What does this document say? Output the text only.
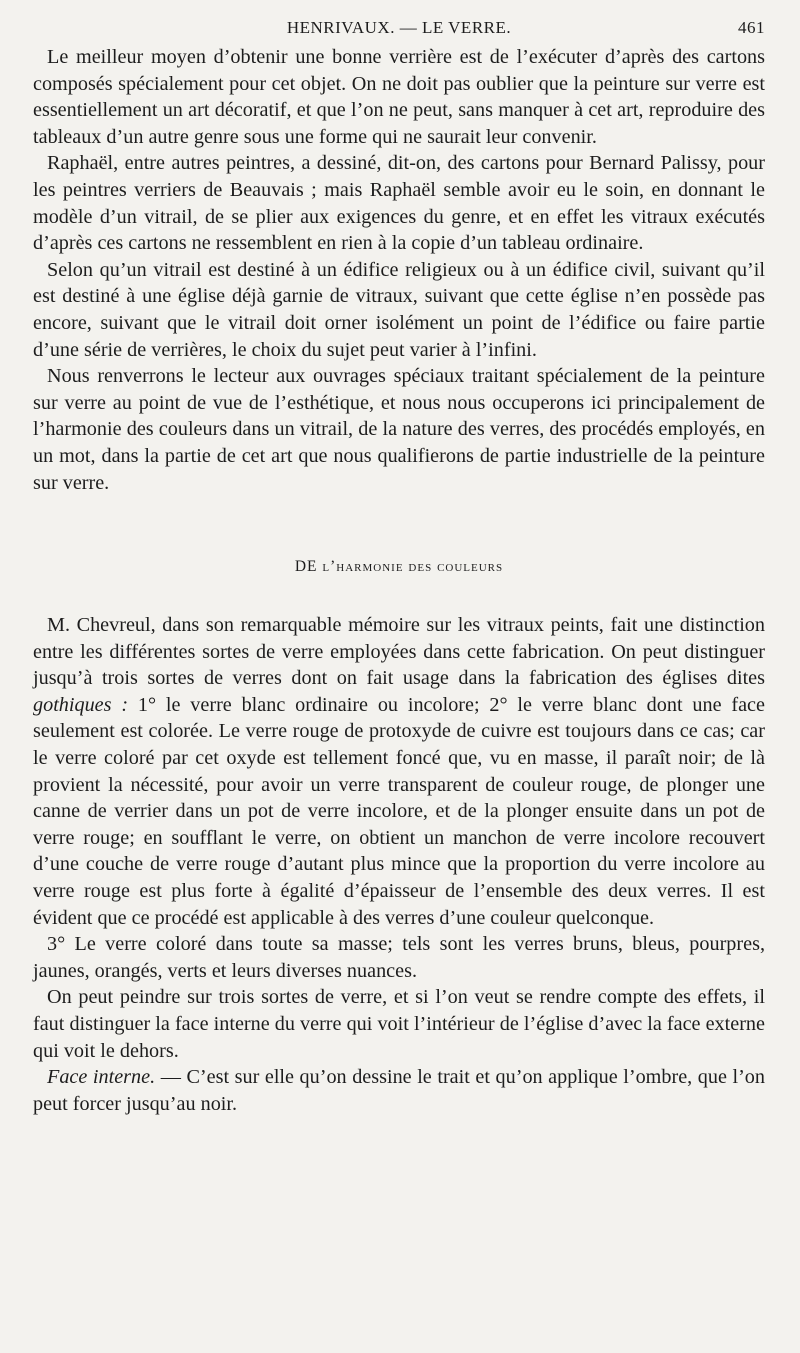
HENRIVAUX. — LE VERRE.	461

Le meilleur moyen d’obtenir une bonne verrière est de l’exécuter d’après des cartons composés spécialement pour cet objet. On ne doit pas oublier que la peinture sur verre est essentiellement un art décoratif, et que l’on ne peut, sans manquer à cet art, reproduire des tableaux d’un autre genre sous une forme qui ne saurait leur convenir.

Raphaël, entre autres peintres, a dessiné, dit-on, des cartons pour Bernard Palissy, pour les peintres verriers de Beauvais ; mais Raphaël semble avoir eu le soin, en donnant le modèle d’un vitrail, de se plier aux exigences du genre, et en effet les vitraux exécutés d’après ces cartons ne ressemblent en rien à la copie d’un tableau ordinaire.

Selon qu’un vitrail est destiné à un édifice religieux ou à un édifice civil, suivant qu’il est destiné à une église déjà garnie de vitraux, suivant que cette église n’en possède pas encore, suivant que le vitrail doit orner isolément un point de l’édifice ou faire partie d’une série de verrières, le choix du sujet peut varier à l’infini.

Nous renverrons le lecteur aux ouvrages spéciaux traitant spécialement de la peinture sur verre au point de vue de l’esthétique, et nous nous occuperons ici principalement de l’harmonie des couleurs dans un vitrail, de la nature des verres, des procédés employés, en un mot, dans la partie de cet art que nous qualifierons de partie industrielle de la peinture sur verre.

DE l’harmonie des couleurs

M. Chevreul, dans son remarquable mémoire sur les vitraux peints, fait une distinction entre les différentes sortes de verre employées dans cette fabrication. On peut distinguer jusqu’à trois sortes de verres dont on fait usage dans la fabrication des églises dites gothiques : 1° le verre blanc ordinaire ou incolore; 2° le verre blanc dont une face seulement est colorée. Le verre rouge de protoxyde de cuivre est toujours dans ce cas; car le verre coloré par cet oxyde est tellement foncé que, vu en masse, il paraît noir; de là provient la nécessité, pour avoir un verre transparent de couleur rouge, de plonger une canne de verrier dans un pot de verre incolore, et de la plonger ensuite dans un pot de verre rouge; en soufflant le verre, on obtient un manchon de verre incolore recouvert d’une couche de verre rouge d’autant plus mince que la proportion du verre incolore au verre rouge est plus forte à égalité d’épaisseur de l’ensemble des deux verres. Il est évident que ce procédé est applicable à des verres d’une couleur quelconque.

3° Le verre coloré dans toute sa masse; tels sont les verres bruns, bleus, pourpres, jaunes, orangés, verts et leurs diverses nuances.

On peut peindre sur trois sortes de verre, et si l’on veut se rendre compte des effets, il faut distinguer la face interne du verre qui voit l’intérieur de l’église d’avec la face externe qui voit le dehors.

Face interne. — C’est sur elle qu’on dessine le trait et qu’on applique l’ombre, que l’on peut forcer jusqu’au noir.
